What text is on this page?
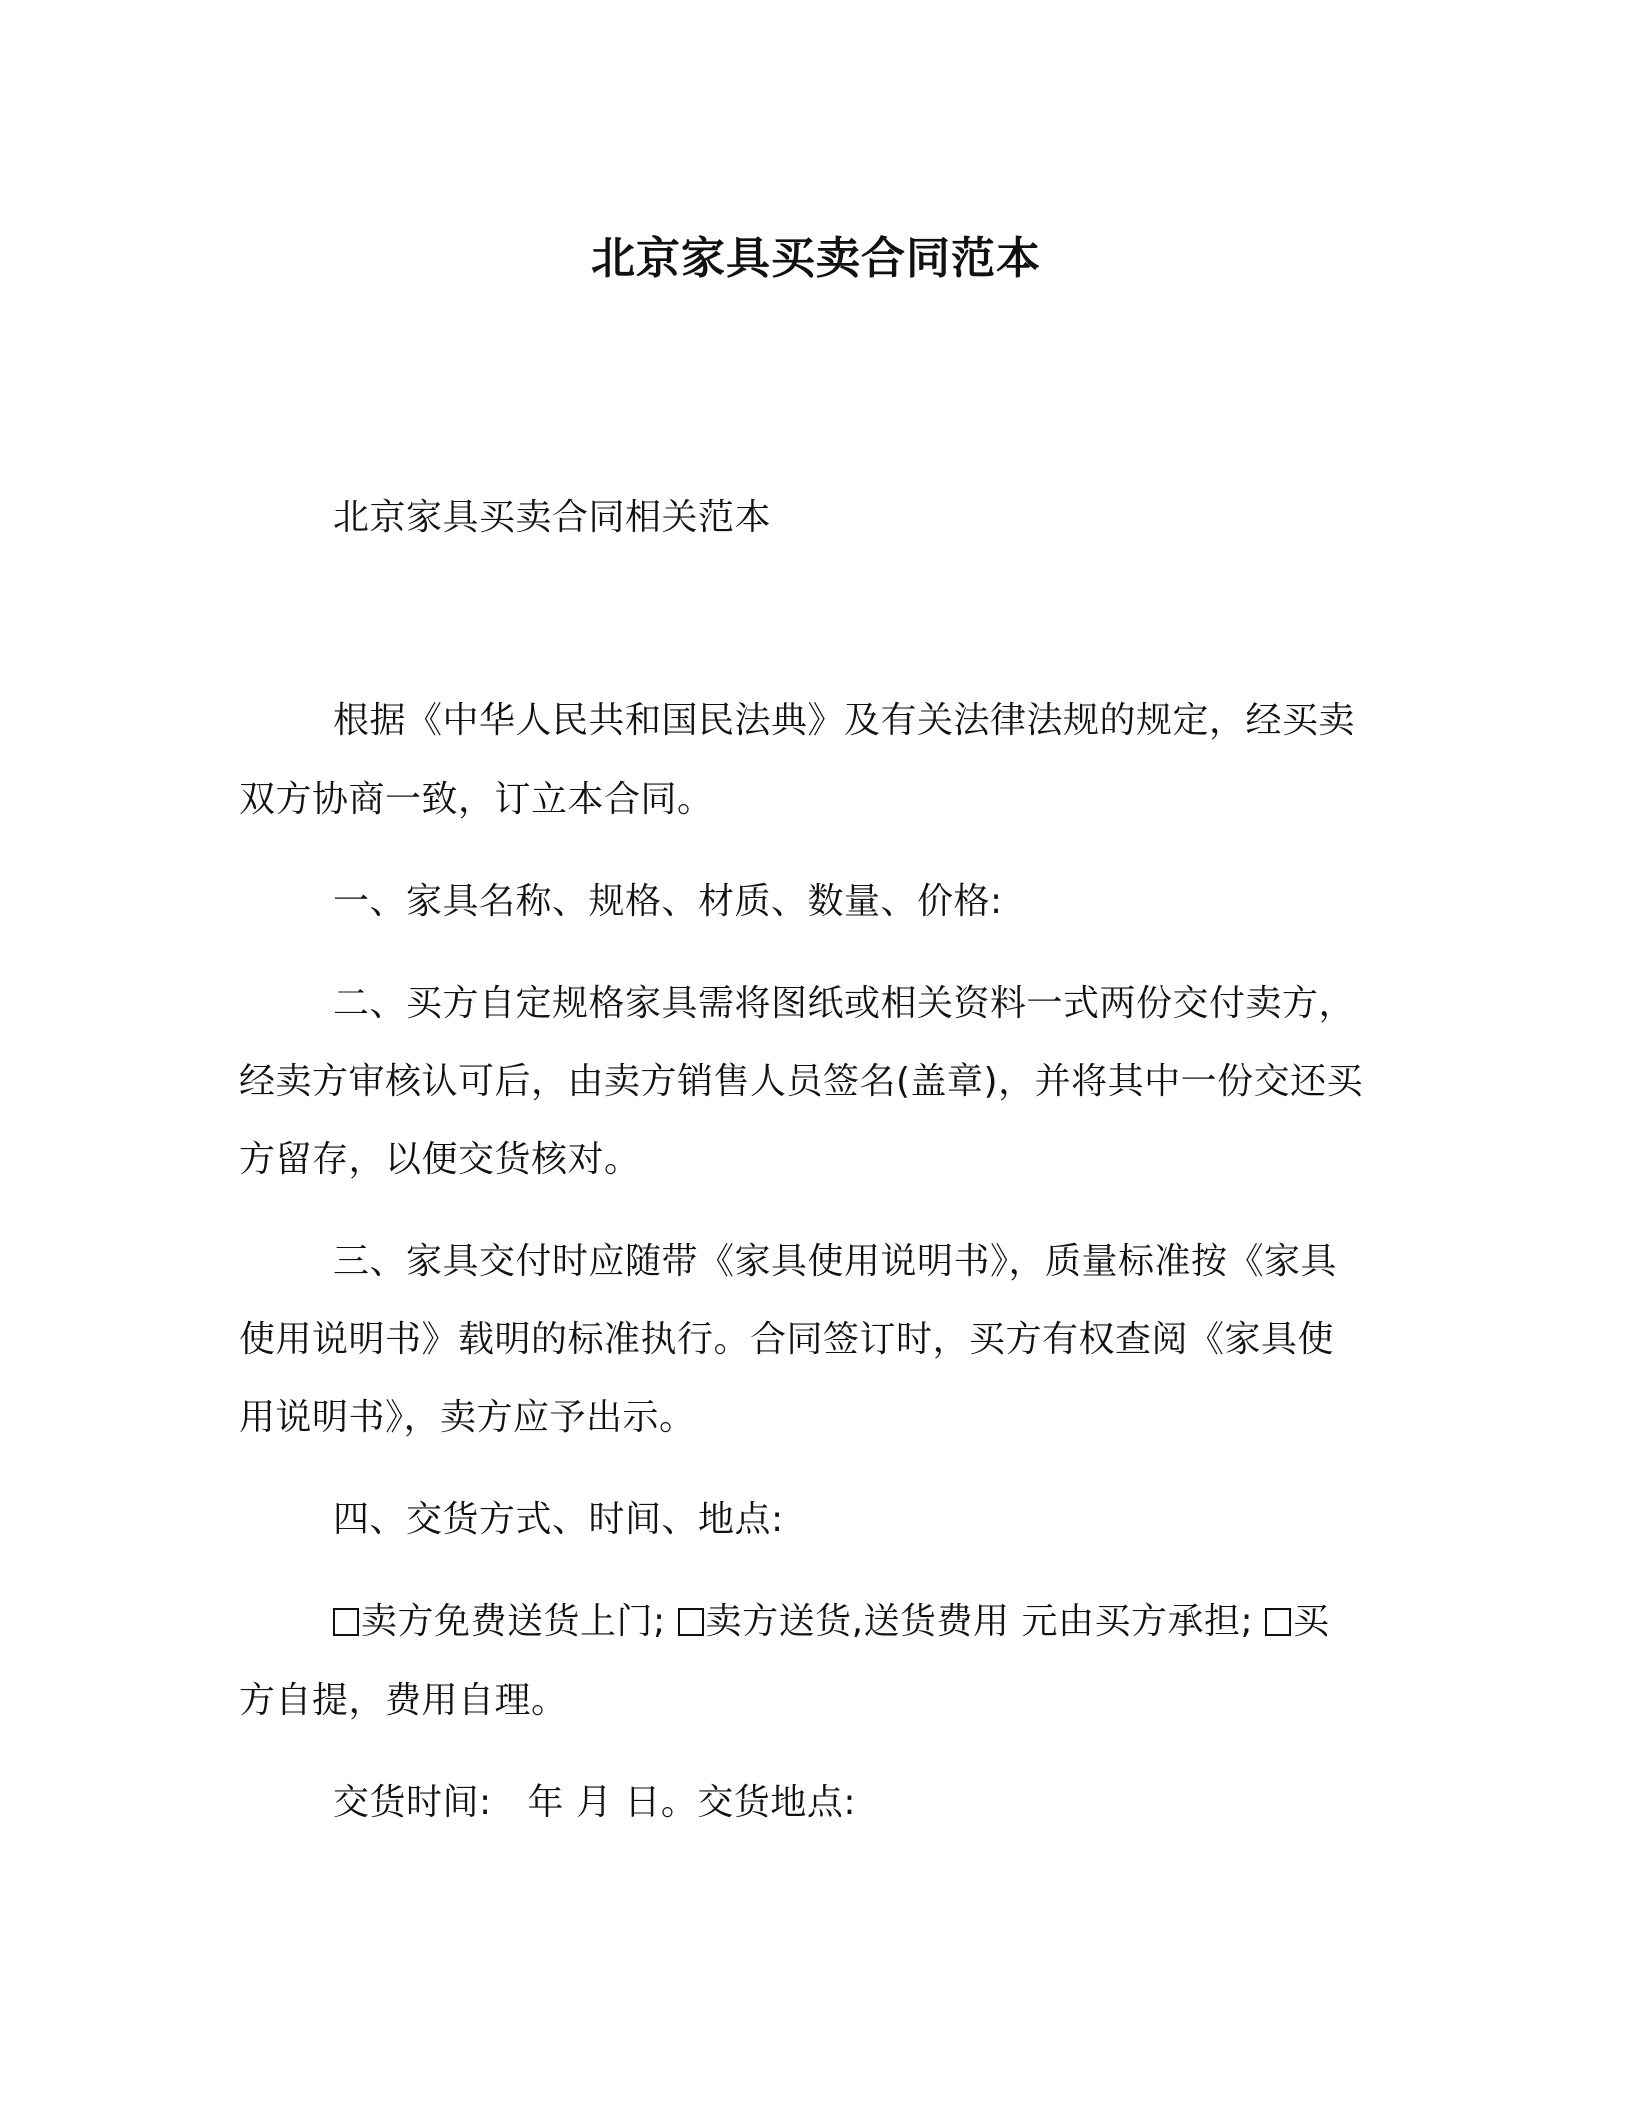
北京家具买卖合同范本

北京家具买卖合同相关范本

根据《中华人民共和国民法典》及有关法律法规的规定，经买卖

双方协商一致，订立本合同。

一、家具名称、规格、材质、数量、价格:

二、买方自定规格家具需将图纸或相关资料一式两份交付卖方，

经卖方审核认可后，由卖方销售人员签名(盖章)，并将其中一份交还买

方留存，以便交货核对。

三、家具交付时应随带《家具使用说明书》，质量标准按《家具

使用说明书》载明的标准执行。合同签订时，买方有权查阅《家具使

用说明书》，卖方应予出示。

四、交货方式、时间、地点:

卖方免费送货上门; 卖方送货,送货费用 元由买方承担; 买

方自提，费用自理。

交货时间:   年 月 日。交货地点:
